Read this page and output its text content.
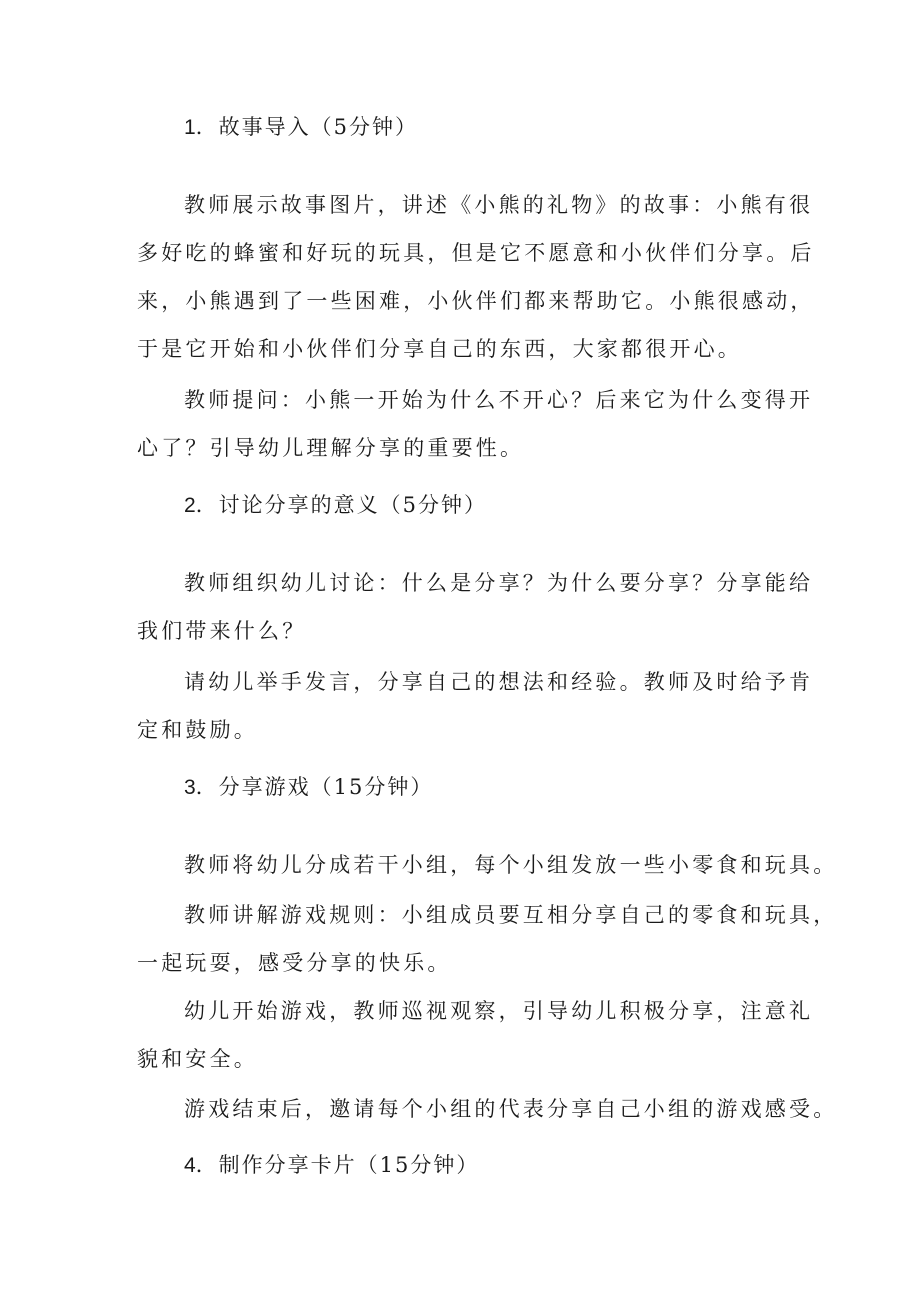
1．故事导入（5分钟）
教师展示故事图片，讲述《小熊的礼物》的故事：小熊有很
多好吃的蜂蜜和好玩的玩具，但是它不愿意和小伙伴们分享。后
来，小熊遇到了一些困难，小伙伴们都来帮助它。小熊很感动，
于是它开始和小伙伴们分享自己的东西，大家都很开心。
教师提问：小熊一开始为什么不开心？后来它为什么变得开
心了？引导幼儿理解分享的重要性。
2．讨论分享的意义（5分钟）
教师组织幼儿讨论：什么是分享？为什么要分享？分享能给
我们带来什么？
请幼儿举手发言，分享自己的想法和经验。教师及时给予肯
定和鼓励。
3．分享游戏（15分钟）
教师将幼儿分成若干小组，每个小组发放一些小零食和玩具。
教师讲解游戏规则：小组成员要互相分享自己的零食和玩具，
一起玩耍，感受分享的快乐。
幼儿开始游戏，教师巡视观察，引导幼儿积极分享，注意礼
貌和安全。
游戏结束后，邀请每个小组的代表分享自己小组的游戏感受。
4．制作分享卡片（15分钟）
